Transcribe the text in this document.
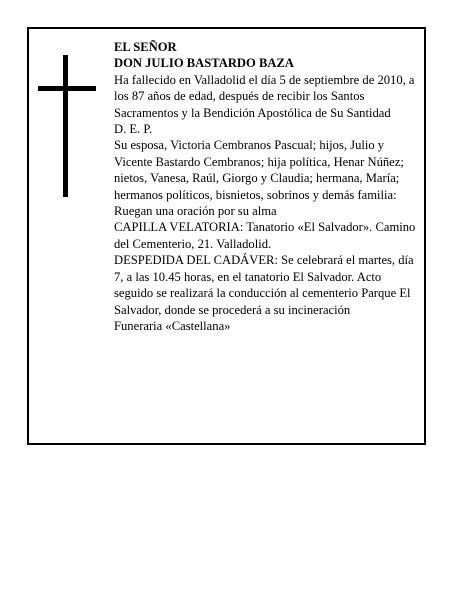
EL SEÑOR

DON JULIO BASTARDO BAZA

Ha fallecido en Valladolid el día 5 de septiembre de 2010, a los 87 años de edad, después de recibir los Santos Sacramentos y la Bendición Apostólica de Su Santidad

D. E. P.

Su esposa, Victoria Cembranos Pascual; hijos, Julio y Vicente Bastardo Cembranos; hija política, Henar Núñez; nietos, Vanesa, Raúl, Giorgo y Claudia; hermana, María; hermanos políticos, bisnietos, sobrinos y demás familia:

Ruegan una oración por su alma

CAPILLA VELATORIA: Tanatorio «El Salvador». Camino del Cementerio, 21. Valladolid.

DESPEDIDA DEL CADÁVER: Se celebrará el martes, día 7, a las 10.45 horas, en el tanatorio El Salvador. Acto seguido se realizará la conducción al cementerio Parque El Salvador, donde se procederá a su incineración

Funeraria «Castellana»
